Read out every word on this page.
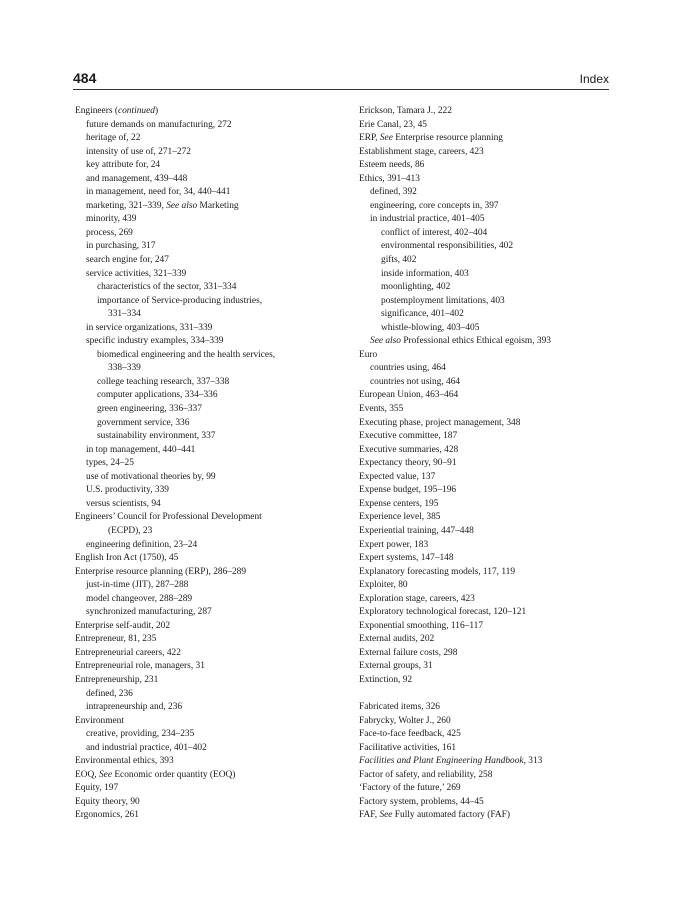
484	Index
Engineers (continued)
future demands on manufacturing, 272
heritage of, 22
intensity of use of, 271–272
key attribute for, 24
and management, 439–448
in management, need for, 34, 440–441
marketing, 321–339, See also Marketing
minority, 439
process, 269
in purchasing, 317
search engine for, 247
service activities, 321–339
characteristics of the sector, 331–334
importance of Service-producing industries,
331–334
in service organizations, 331–339
specific industry examples, 334–339
biomedical engineering and the health services,
338–339
college teaching research, 337–338
computer applications, 334–336
green engineering, 336–337
government service, 336
sustainability environment, 337
in top management, 440–441
types, 24–25
use of motivational theories by, 99
U.S. productivity, 339
versus scientists, 94
Engineers’ Council for Professional Development
(ECPD), 23
engineering definition, 23–24
English Iron Act (1750), 45
Enterprise resource planning (ERP), 286–289
just-in-time (JIT), 287–288
model changeover, 288–289
synchronized manufacturing, 287
Enterprise self-audit, 202
Entrepreneur, 81, 235
Entrepreneurial careers, 422
Entrepreneurial role, managers, 31
Entrepreneurship, 231
defined, 236
intrapreneurship and, 236
Environment
creative, providing, 234–235
and industrial practice, 401–402
Environmental ethics, 393
EOQ, See Economic order quantity (EOQ)
Equity, 197
Equity theory, 90
Ergonomics, 261
Erickson, Tamara J., 222
Erie Canal, 23, 45
ERP, See Enterprise resource planning
Establishment stage, careers, 423
Esteem needs, 86
Ethics, 391–413
defined, 392
engineering, core concepts in, 397
in industrial practice, 401–405
conflict of interest, 402–404
environmental responsibilities, 402
gifts, 402
inside information, 403
moonlighting, 402
postemployment limitations, 403
significance, 401–402
whistle-blowing, 403–405
See also Professional ethics Ethical egoism, 393
Euro
countries using, 464
countries not using, 464
European Union, 463–464
Events, 355
Executing phase, project management, 348
Executive committee, 187
Executive summaries, 428
Expectancy theory, 90–91
Expected value, 137
Expense budget, 195–196
Expense centers, 195
Experience level, 385
Experiential training, 447–448
Expert power, 183
Expert systems, 147–148
Explanatory forecasting models, 117, 119
Exploiter, 80
Exploration stage, careers, 423
Exploratory technological forecast, 120–121
Exponential smoothing, 116–117
External audits, 202
External failure costs, 298
External groups, 31
Extinction, 92
Fabricated items, 326
Fabrycky, Wolter J., 260
Face-to-face feedback, 425
Facilitative activities, 161
Facilities and Plant Engineering Handbook, 313
Factor of safety, and reliability, 258
‘Factory of the future,’ 269
Factory system, problems, 44–45
FAF, See Fully automated factory (FAF)
